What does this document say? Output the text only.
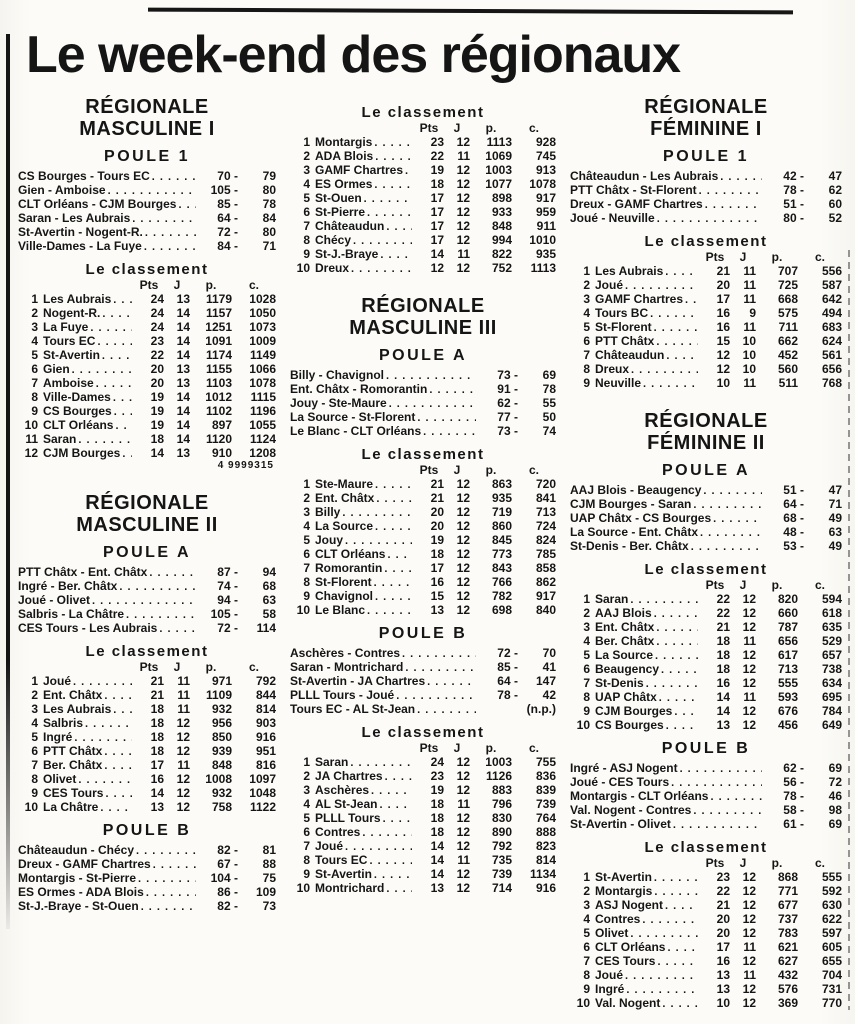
Le week-end des régionaux
RÉGIONALE
MASCULINE I
POULE 1
CS Bourges - Tours EC . . .	70 -	79
Gien - Amboise . . .	105 -	80
CLT Orléans - CJM Bourges . . .	85 -	78
Saran - Les Aubrais . . .	64 -	84
St-Avertin - Nogent-R. . . .	72 -	80
Ville-Dames - La Fuye . . .	84 -	71
Le classement
Pts	J	p.	c.
1 Les Aubrais . . .	24	13	1179	1028
2 Nogent-R. . . .	24	14	1157	1050
3 La Fuye . . .	24	14	1251	1073
4 Tours EC . . .	23	14	1091	1009
5 St-Avertin . . .	22	14	1174	1149
6 Gien . . .	20	13	1155	1066
7 Amboise . . .	20	13	1103	1078
8 Ville-Dames . . .	19	14	1012	1115
9 CS Bourges . . .	19	14	1102	1196
10 CLT Orléans . . .	19	14	897	1055
11 Saran . . .	18	14	1120	1124
12 CJM Bourges . . .	14	13	910	1208
4 9999315
RÉGIONALE
MASCULINE II
POULE A
PTT Châtx - Ent. Châtx . . .	87 -	94
Ingré - Ber. Châtx . . .	74 -	68
Joué - Olivet . . .	94 -	63
Salbris - La Châtre . . .	105 -	58
CES Tours - Les Aubrais . . .	72 -	114
Le classement
Pts	J	p.	c.
1 Joué . . .	21	11	971	792
2 Ent. Châtx . . .	21	11	1109	844
3 Les Aubrais . . .	18	11	932	814
4 Salbris . . .	18	12	956	903
5 Ingré . . .	18	12	850	916
6 PTT Châtx . . .	18	12	939	951
7 Ber. Châtx . . .	17	11	848	816
8 Olivet . . .	16	12	1008	1097
9 CES Tours . . .	14	12	932	1048
10 La Châtre . . .	13	12	758	1122
POULE B
Châteaudun - Chécy . . .	82 -	81
Dreux - GAMF Chartres . . .	67 -	88
Montargis - St-Pierre . . .	104 -	75
ES Ormes - ADA Blois . . .	86 -	109
St-J.-Braye - St-Ouen . . .	82 -	73
Le classement
Pts	J	p.	c.
1 Montargis . . .	23	12	1113	928
2 ADA Blois . . .	22	11	1069	745
3 GAMF Chartres . . .	19	12	1003	913
4 ES Ormes . . .	18	12	1077	1078
5 St-Ouen . . .	17	12	898	917
6 St-Pierre . . .	17	12	933	959
7 Châteaudun . . .	17	12	848	911
8 Chécy . . .	17	12	994	1010
9 St-J.-Braye . . .	14	11	822	935
10 Dreux . . .	12	12	752	1113
RÉGIONALE
MASCULINE III
POULE A
Billy - Chavignol . . .	73 -	69
Ent. Châtx - Romorantin . . .	91 -	78
Jouy - Ste-Maure . . .	62 -	55
La Source - St-Florent . . .	77 -	50
Le Blanc - CLT Orléans . . .	73 -	74
Le classement
Pts	J	p.	c.
1 Ste-Maure . . .	21	12	863	720
2 Ent. Châtx . . .	21	12	935	841
3 Billy . . .	20	12	719	713
4 La Source . . .	20	12	860	724
5 Jouy . . .	19	12	845	824
6 CLT Orléans . . .	18	12	773	785
7 Romorantin . . .	17	12	843	858
8 St-Florent . . .	16	12	766	862
9 Chavignol . . .	15	12	782	917
10 Le Blanc . . .	13	12	698	840
POULE B
Aschères - Contres . . .	72 -	70
Saran - Montrichard . . .	85 -	41
St-Avertin - JA Chartres . . .	64 -	147
PLLL Tours - Joué . . .	78 -	42
Tours EC - AL St-Jean . . .	(n.p.)
Le classement
Pts	J	p.	c.
1 Saran . . .	24	12	1003	755
2 JA Chartres . . .	23	12	1126	836
3 Aschères . . .	19	12	883	839
4 AL St-Jean . . .	18	11	796	739
5 PLLL Tours . . .	18	12	830	764
6 Contres . . .	18	12	890	888
7 Joué . . .	14	12	792	823
8 Tours EC . . .	14	11	735	814
9 St-Avertin . . .	14	12	739	1134
10 Montrichard . . .	13	12	714	916
RÉGIONALE
FÉMININE I
POULE 1
Châteaudun - Les Aubrais . . .	42 -	47
PTT Châtx - St-Florent . . .	78 -	62
Dreux - GAMF Chartres . . .	51 -	60
Joué - Neuville . . .	80 -	52
Le classement
Pts	J	p.	c.
1 Les Aubrais . . .	21	11	707	556
2 Joué . . .	20	11	725	587
3 GAMF Chartres . . .	17	11	668	642
4 Tours BC . . .	16	9	575	494
5 St-Florent . . .	16	11	711	683
6 PTT Châtx . . .	15	10	662	624
7 Châteaudun . . .	12	10	452	561
8 Dreux . . .	12	10	560	656
9 Neuville . . .	10	11	511	768
RÉGIONALE
FÉMININE II
POULE A
AAJ Blois - Beaugency . . .	51 -	47
CJM Bourges - Saran . . .	64 -	71
UAP Châtx - CS Bourges . . .	68 -	49
La Source - Ent. Châtx . . .	48 -	63
St-Denis - Ber. Châtx . . .	53 -	49
Le classement
Pts	J	p.	c.
1 Saran . . .	22	12	820	594
2 AAJ Blois . . .	22	12	660	618
3 Ent. Châtx . . .	21	12	787	635
4 Ber. Châtx . . .	18	11	656	529
5 La Source . . .	18	12	617	657
6 Beaugency . . .	18	12	713	738
7 St-Denis . . .	16	12	555	634
8 UAP Châtx . . .	14	11	593	695
9 CJM Bourges . . .	14	12	676	784
10 CS Bourges . . .	13	12	456	649
POULE B
Ingré - ASJ Nogent . . .	62 -	69
Joué - CES Tours . . .	56 -	72
Montargis - CLT Orléans . . .	78 -	46
Val. Nogent - Contres . . .	58 -	98
St-Avertin - Olivet . . .	61 -	69
Le classement
Pts	J	p.	c.
1 St-Avertin . . .	23	12	868	555
2 Montargis . . .	22	12	771	592
3 ASJ Nogent . . .	21	12	677	630
4 Contres . . .	20	12	737	622
5 Olivet . . .	20	12	783	597
6 CLT Orléans . . .	17	11	621	605
7 CES Tours . . .	16	12	627	655
8 Joué . . .	13	11	432	704
9 Ingré . . .	13	12	576	731
10 Val. Nogent . . .	10	12	369	770
